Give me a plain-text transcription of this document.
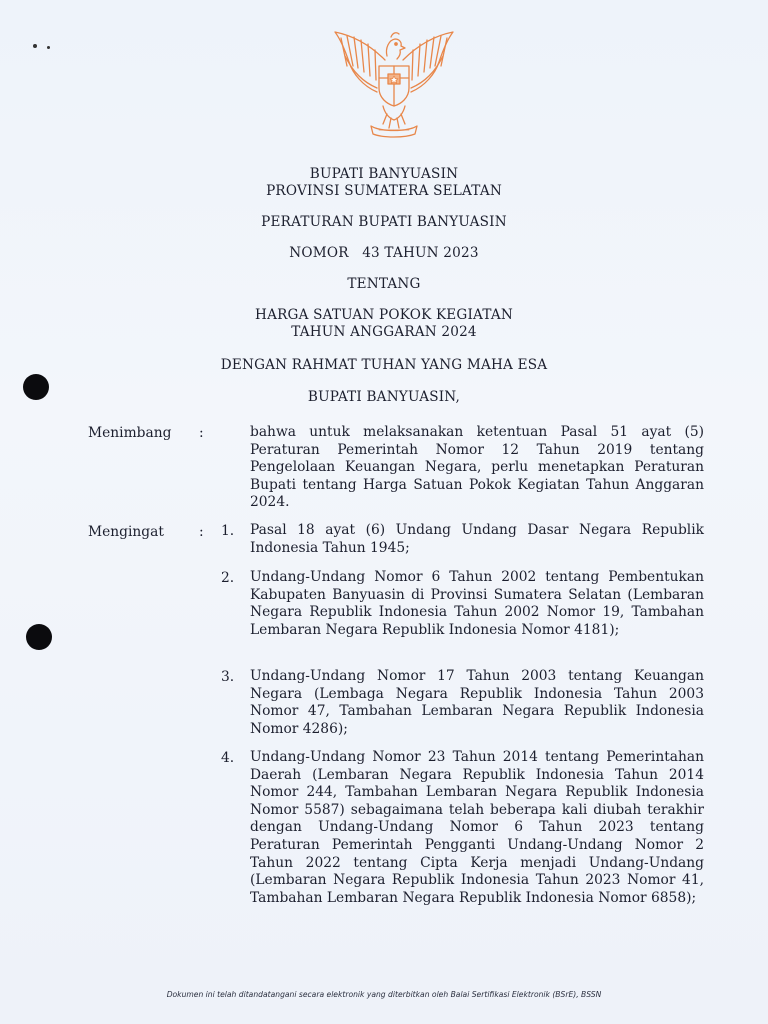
BUPATI BANYUASIN

PROVINSI SUMATERA SELATAN

PERATURAN BUPATI BANYUASIN

NOMOR   43 TAHUN 2023

TENTANG

HARGA SATUAN POKOK KEGIATAN

TAHUN ANGGARAN 2024

DENGAN RAHMAT TUHAN YANG MAHA ESA

BUPATI BANYUASIN,

Menimbang :	bahwa untuk melaksanakan ketentuan Pasal 51 ayat (5) Peraturan Pemerintah Nomor 12 Tahun 2019 tentang Pengelolaan Keuangan Negara, perlu menetapkan Peraturan Bupati tentang Harga Satuan Pokok Kegiatan Tahun Anggaran 2024.

Mengingat	: 1. Pasal 18 ayat (6) Undang Undang Dasar Negara Republik Indonesia Tahun 1945;

2. Undang-Undang Nomor 6 Tahun 2002 tentang Pembentukan Kabupaten Banyuasin di Provinsi Sumatera Selatan (Lembaran Negara Republik Indonesia Tahun 2002 Nomor 19, Tambahan Lembaran Negara Republik Indonesia Nomor 4181);

3. Undang-Undang Nomor 17 Tahun 2003 tentang Keuangan Negara (Lembaga Negara Republik Indonesia Tahun 2003 Nomor 47, Tambahan Lembaran Negara Republik Indonesia Nomor 4286);

4. Undang-Undang Nomor 23 Tahun 2014 tentang Pemerintahan Daerah (Lembaran Negara Republik Indonesia Tahun 2014 Nomor 244, Tambahan Lembaran Negara Republik Indonesia Nomor 5587) sebagaimana telah beberapa kali diubah terakhir dengan Undang-Undang Nomor 6 Tahun 2023 tentang Peraturan Pemerintah Pengganti Undang-Undang Nomor 2 Tahun 2022 tentang Cipta Kerja menjadi Undang-Undang (Lembaran Negara Republik Indonesia Tahun 2023 Nomor 41, Tambahan Lembaran Negara Republik Indonesia Nomor 6858);

Dokumen ini telah ditandatangani secara elektronik yang diterbitkan oleh Balai Sertifikasi Elektronik (BSrE), BSSN
